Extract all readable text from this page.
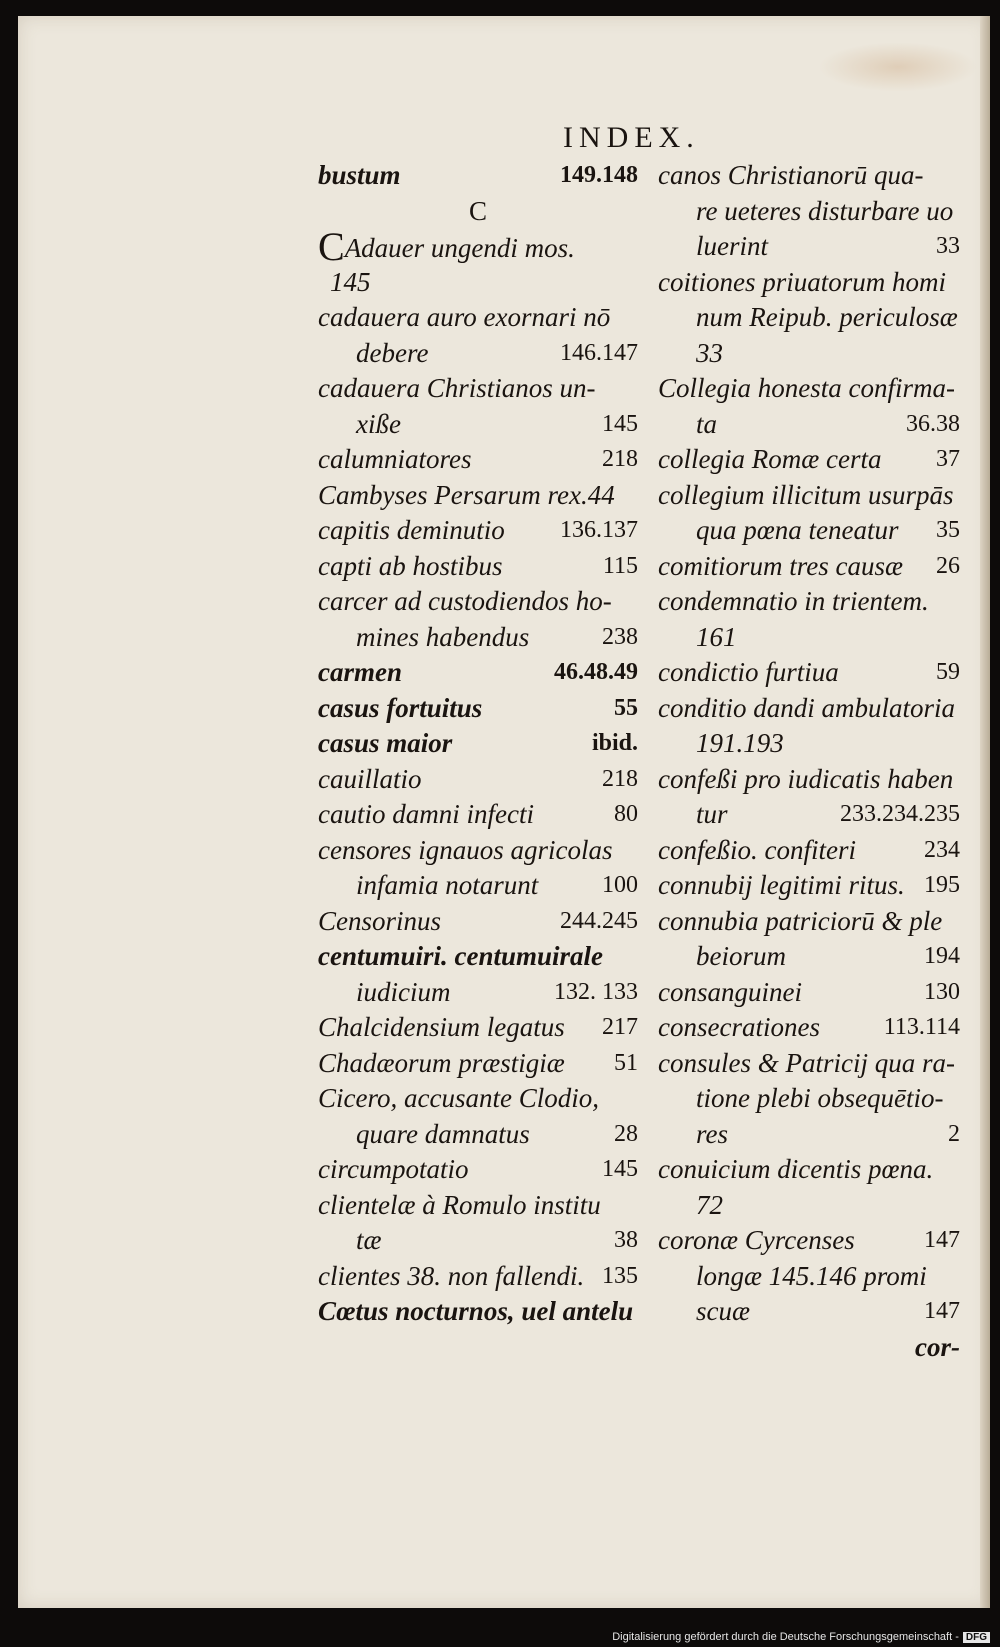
INDEX.
bustum	149.148
C
CAdauer ungendi mos.
145
cadauera auro exornari nō
debere	146.147
cadauera Christianos un-
xiße	145
calumniatores	218
Cambyses Persarum rex.44
capitis deminutio 136.137
capti ab hostibus	115
carcer ad custodiendos ho-
mines habendus	238
carmen	46.48.49
casus fortuitus	55
casus maior	ibid.
cauillatio	218
cautio damni infecti	80
censores ignauos agricolas
infamia notarunt	100
Censorinus	244.245
centumuiri. centumuirale
iudicium	132. 133
Chalcidensium legatus 217
Chadæorum præstigiæ 51
Cicero, accusante Clodio,
quare damnatus	28
circumpotatio	145
clientelæ à Romulo institu
tæ	38
clientes 38. non fallendi. 135
Cœtus nocturnos, uel antelu
canos Christianorū qua-
re ueteres disturbare uo
luerint	33
coitiones priuatorum homi
num Reipub. periculosæ
33
Collegia honesta confirma-
ta	36.38
collegia Romæ certa 37
collegium illicitum usurpās
qua pœna teneatur 35
comitiorum tres causæ 26
condemnatio in trientem.
161
condictio furtiua	59
conditio dandi ambulatoria
191.193
confeßi pro iudicatis haben
tur	233.234.235
confeßio. confiteri	234
connubij legitimi ritus. 195
connubia patriciorū & ple
beiorum	194
consanguinei	130
consecrationes	113.114
consules & Patricij qua ra-
tione plebi obsequētio-
res	2
conuicium dicentis pœna.
72
coronæ Cyrcenses	147
longæ 145.146 promi
scuæ	147
cor-
Digitalisierung gefördert durch die Deutsche Forschungsgemeinschaft - DFG
